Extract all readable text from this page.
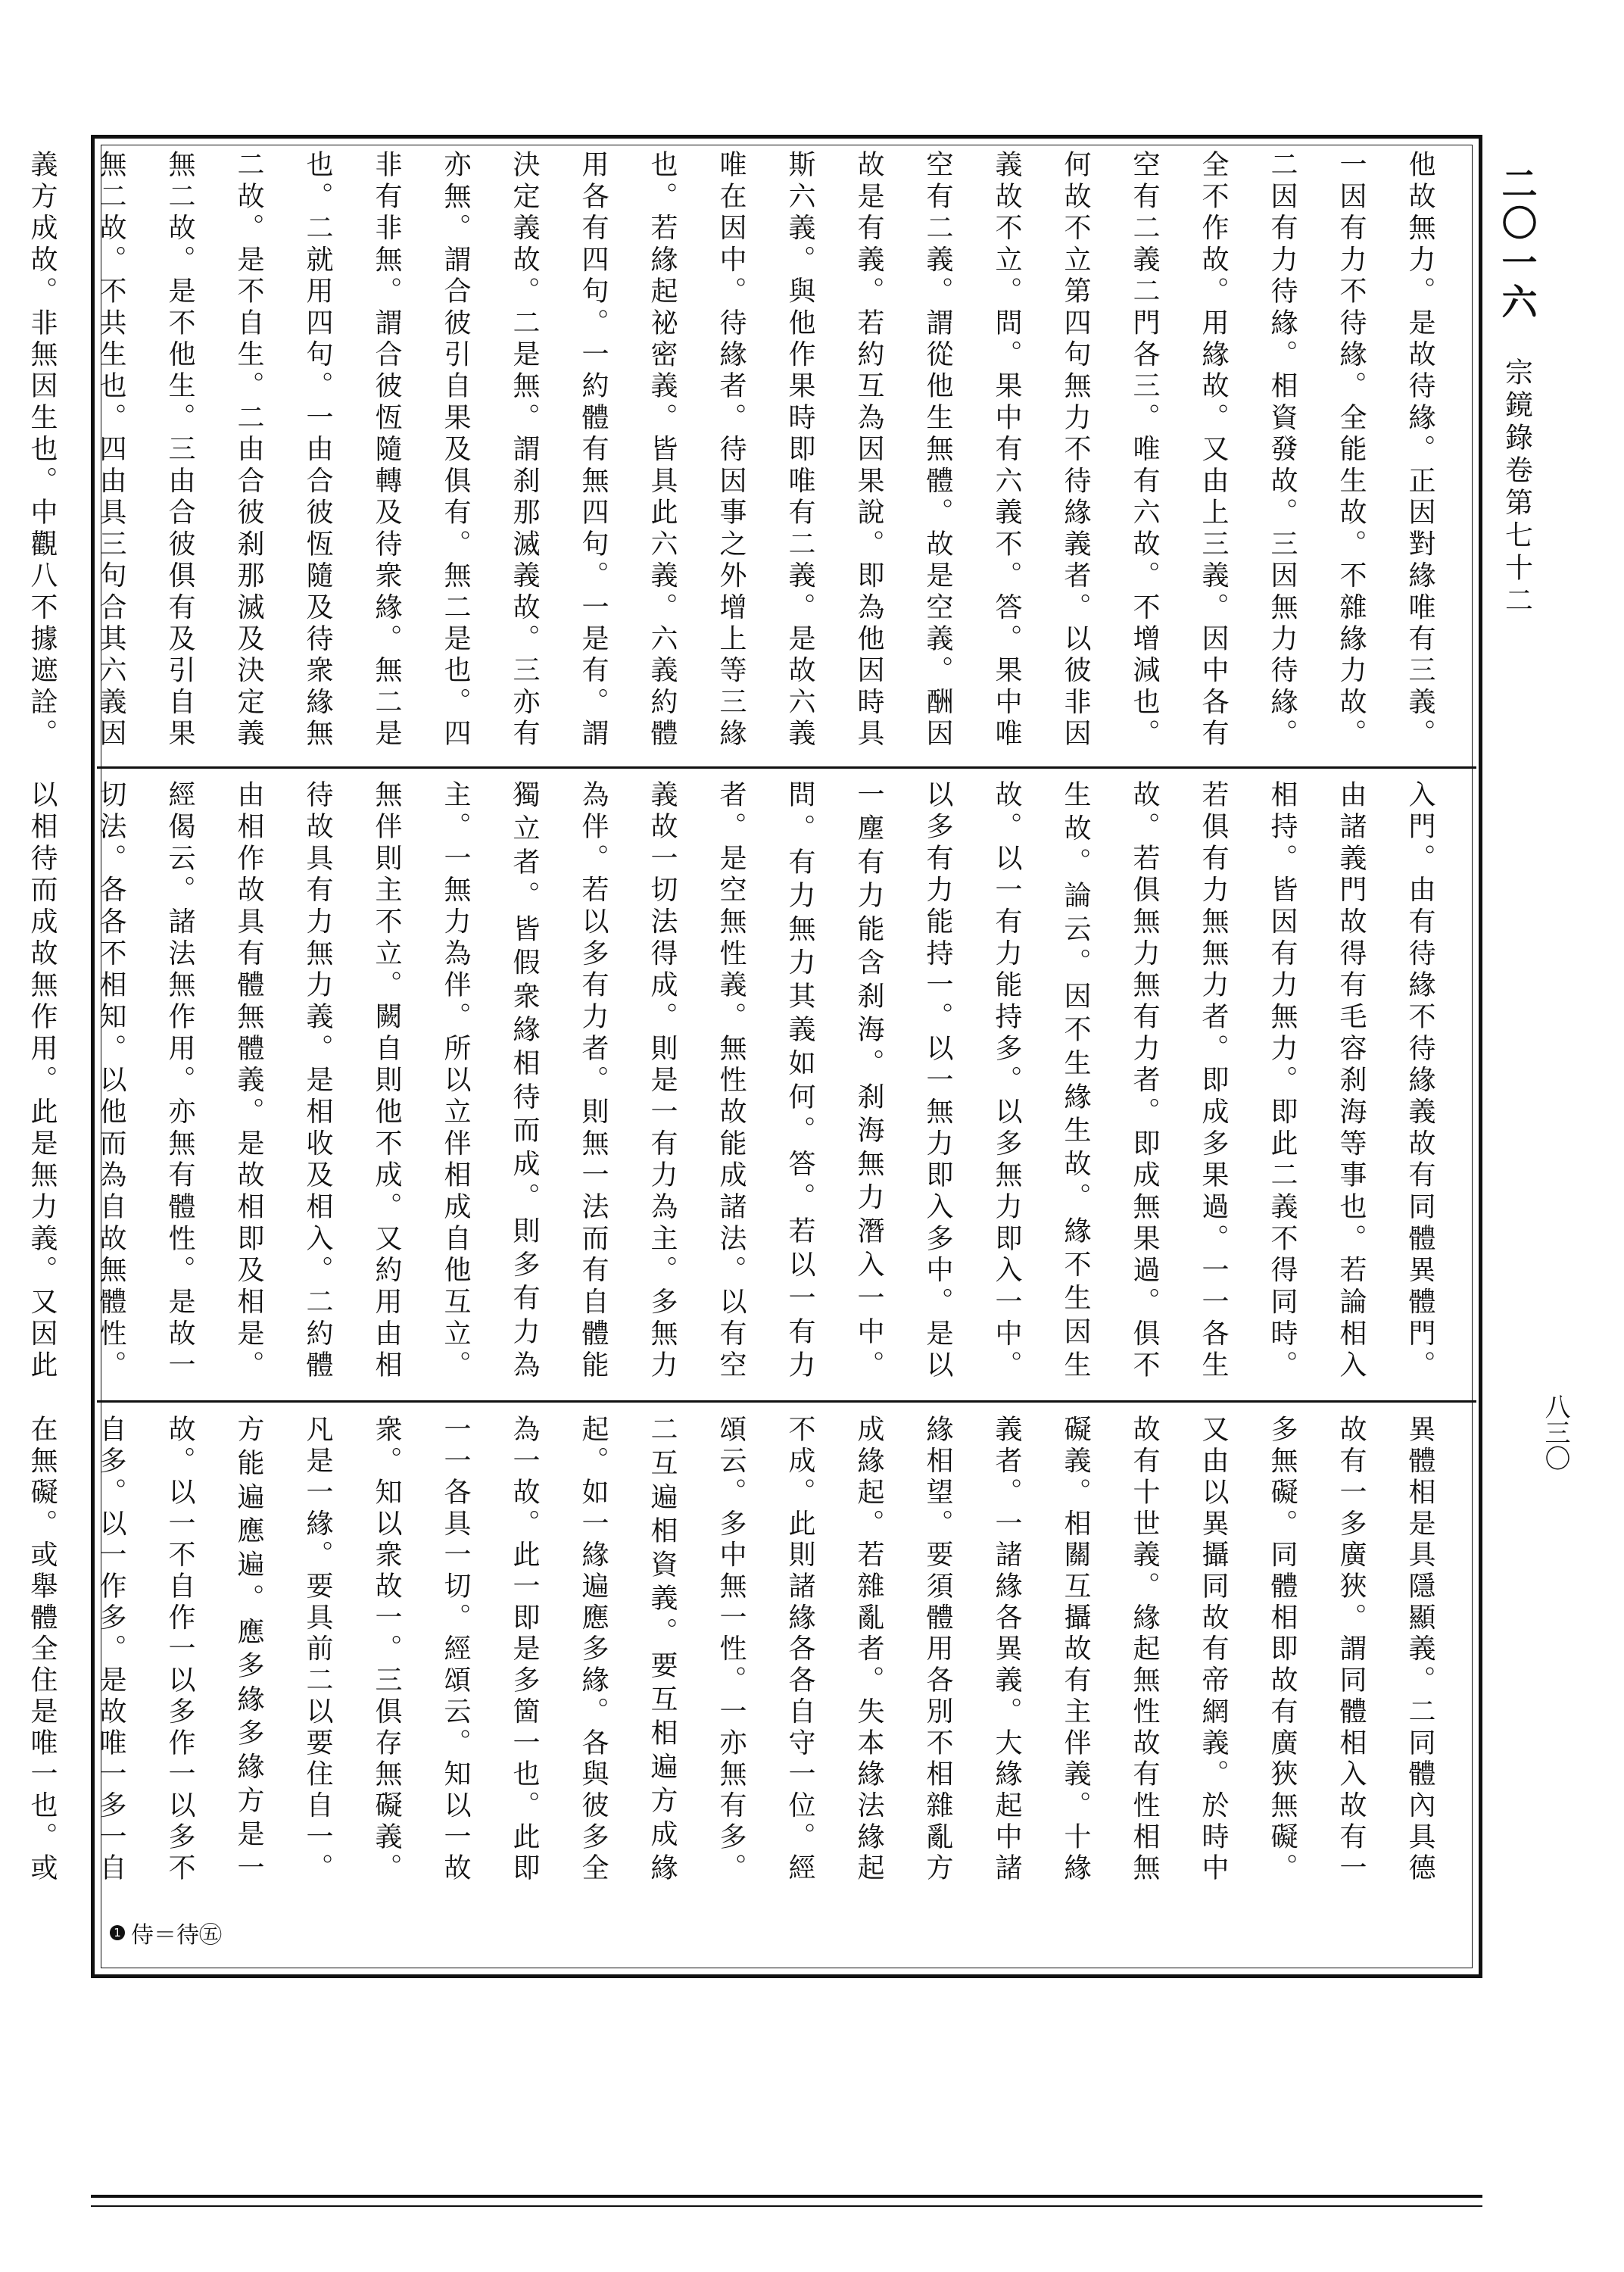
二〇一六
宗鏡錄卷第七十二
八三〇

他故無力。是故待緣。正因對緣唯有三義。一因有力不待緣。全能生故。不雜緣力故。二因有力待緣。相資發故。三因無力待緣。全不作故。用緣故。又由上三義。因中各有空有二義二門各三。唯有六故。不增減也。何故不立第四句無力不待緣義者。以彼非因義故不立。問。果中有六義不。答。果中唯空有二義。謂從他生無體。故是空義。酬因故是有義。若約互為因果說。即為他因時具斯六義。與他作果時即唯有二義。是故六義唯在因中。待緣者。待因事之外增上等三緣也。若緣起祕密義。皆具此六義。六義約體用各有四句。一約體有無四句。一是有。謂決定義故。二是無。謂刹那滅義故。三亦有亦無。謂合彼引自果及俱有。無二是也。四非有非無。謂合彼恆隨轉及待衆緣。無二是也。二就用四句。一由合彼恆隨及待衆緣無二故。是不自生。二由合彼刹那滅及決定義無二故。是不他生。三由合彼俱有及引自果無二故。不共生也。四由具三句合其六義因義方成故。非無因生也。中觀八不據遮詮。

入門。由有待緣不待緣義故有同體異體門。由諸義門故得有毛容刹海等事也。若論相入相持。皆因有力無力。即此二義不得同時。若俱有力無無力者。即成多果過。一一各生故。若俱無力無有力者。即成無果過。俱不生故。論云。因不生緣生故。緣不生因生故。以一有力能持多。以多無力即入一中。以多有力能持一。以一無力即入多中。是以一塵有力能含刹海。刹海無力潛入一中。問。有力無力其義如何。答。若以一有力者。是空無性義。無性故能成諸法。以有空義故一切法得成。則是一有力為主。多無力為伴。若以多有力者。則無一法而有自體能獨立者。皆假衆緣相待而成。則多有力為主。一無力為伴。所以立伴相成自他互立。無伴則主不立。闕自則他不成。又約用由相待故具有力無力義。是相收及相入。二約體由相作故具有體無體義。是故相即及相是。經偈云。諸法無作用。亦無有體性。是故一切法。各各不相知。以他而為自故無體性。以相待而成故無作用。此是無力義。又因此

異體相是具隱顯義。二同體內具德故有一多廣狹。謂同體相入故有一多無礙。同體相即故有廣狹無礙。又由以異攝同故有帝網義。於時中故有十世義。緣起無性故有性相無礙義。相關互攝故有主伴義。十緣義者。一諸緣各異義。大緣起中諸緣相望。要須體用各別不相雜亂方成緣起。若雜亂者。失本緣法緣起不成。此則諸緣各各自守一位。經頌云。多中無一性。一亦無有多。二互遍相資義。要互相遍方成緣起。如一緣遍應多緣。各與彼多全為一故。此一即是多箇一也。此即一一各具一切。經頌云。知以一故衆。知以衆故一。三俱存無礙義。凡是一緣。要具前二以要住自一。方能遍應遍。應多緣多緣方是一故。以一不自作一以多作一以多不自多。以一作多。是故唯一多一自在無礙。或舉體全住是唯一也。或

1 侍＝待㊄
